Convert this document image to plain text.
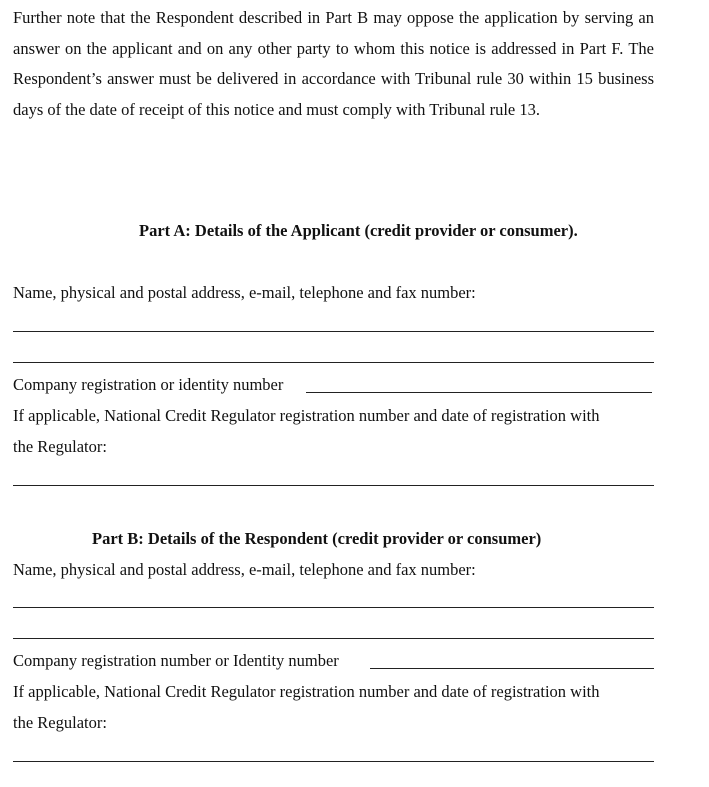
Further note that the Respondent described in Part B may oppose the application by serving an answer on the applicant and on any other party to whom this notice is addressed in Part F. The Respondent’s answer must be delivered in accordance with Tribunal rule 30 within 15 business days of the date of receipt of this notice and must comply with Tribunal rule 13.

Part A: Details of the Applicant (credit provider or consumer).

Name, physical and postal address, e-mail, telephone and fax number:

Company registration or identity number

If applicable, National Credit Regulator registration number and date of registration with

the Regulator:

Part B: Details of the Respondent (credit provider or consumer)

Name, physical and postal address, e-mail, telephone and fax number:

Company registration number or Identity number

If applicable, National Credit Regulator registration number and date of registration with

the Regulator:
